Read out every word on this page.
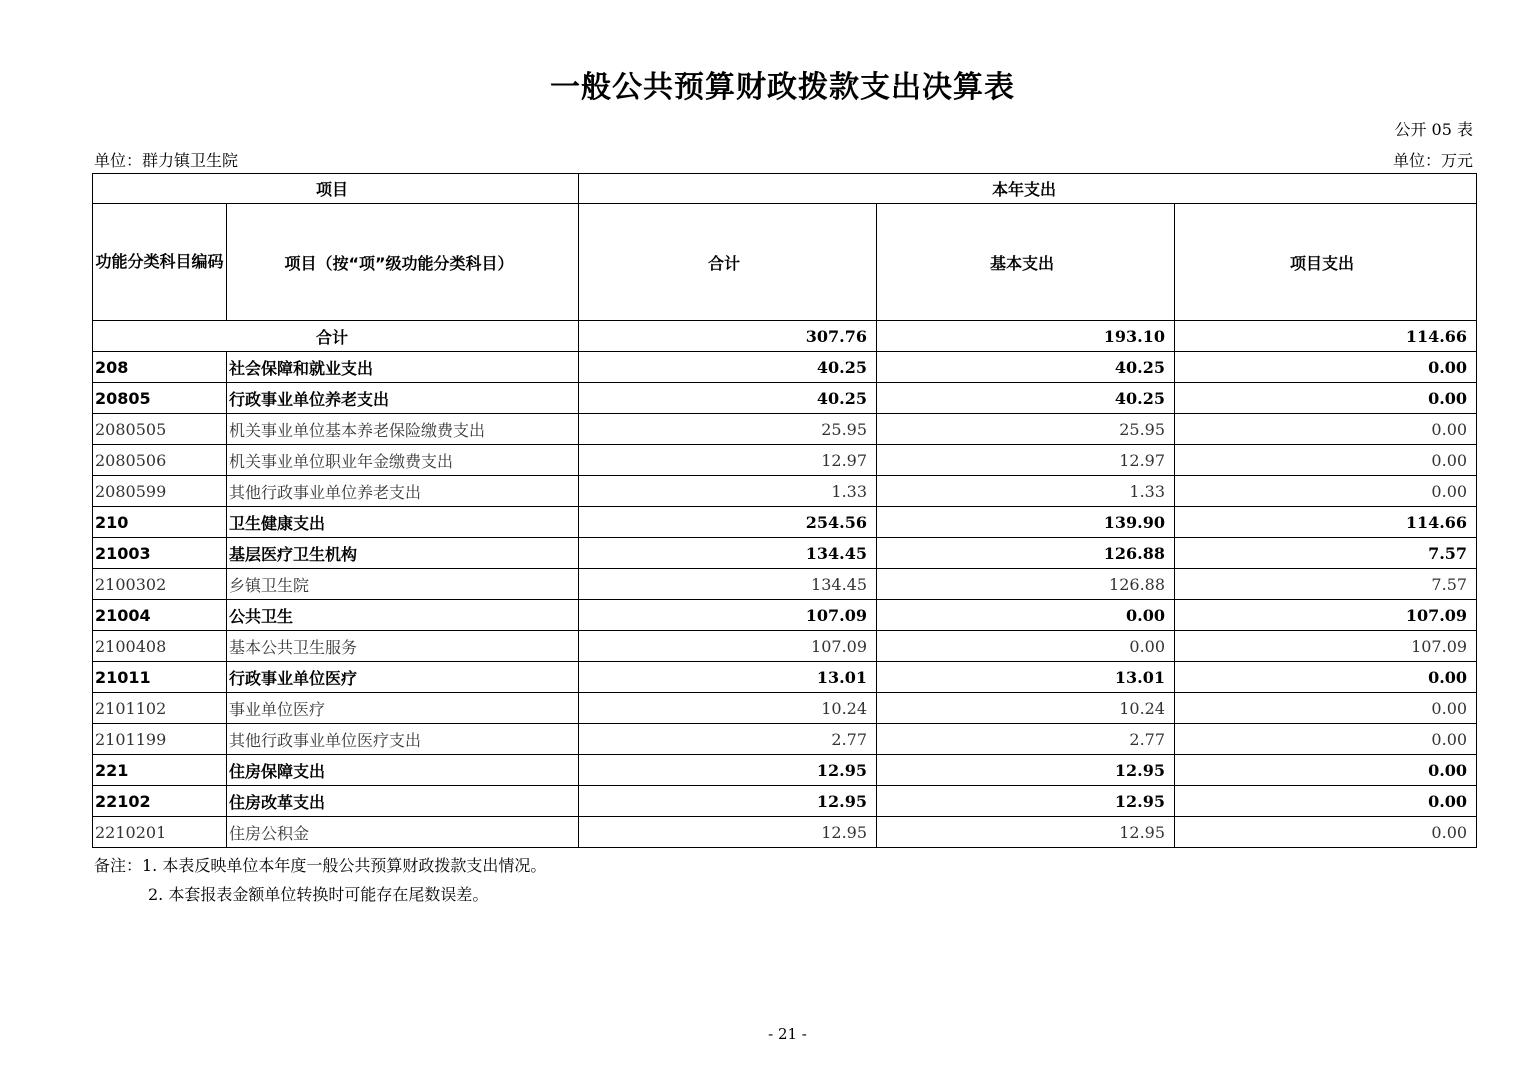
一般公共预算财政拨款支出决算表
公开 05 表
单位：群力镇卫生院	单位：万元
项目		本年支出		
功能分类科目编码	项目（按“项”级功能分类科目）	合计	基本支出	项目支出
合计		307.76	193.10	114.66
208	社会保障和就业支出	40.25	40.25	0.00
20805	行政事业单位养老支出	40.25	40.25	0.00
2080505	机关事业单位基本养老保险缴费支出	25.95	25.95	0.00
2080506	机关事业单位职业年金缴费支出	12.97	12.97	0.00
2080599	其他行政事业单位养老支出	1.33	1.33	0.00
210	卫生健康支出	254.56	139.90	114.66
21003	基层医疗卫生机构	134.45	126.88	7.57
2100302	乡镇卫生院	134.45	126.88	7.57
21004	公共卫生	107.09	0.00	107.09
2100408	基本公共卫生服务	107.09	0.00	107.09
21011	行政事业单位医疗	13.01	13.01	0.00
2101102	事业单位医疗	10.24	10.24	0.00
2101199	其他行政事业单位医疗支出	2.77	2.77	0.00
221	住房保障支出	12.95	12.95	0.00
22102	住房改革支出	12.95	12.95	0.00
2210201	住房公积金	12.95	12.95	0.00
备注：1. 本表反映单位本年度一般公共预算财政拨款支出情况。
2. 本套报表金额单位转换时可能存在尾数误差。
- 21 -
